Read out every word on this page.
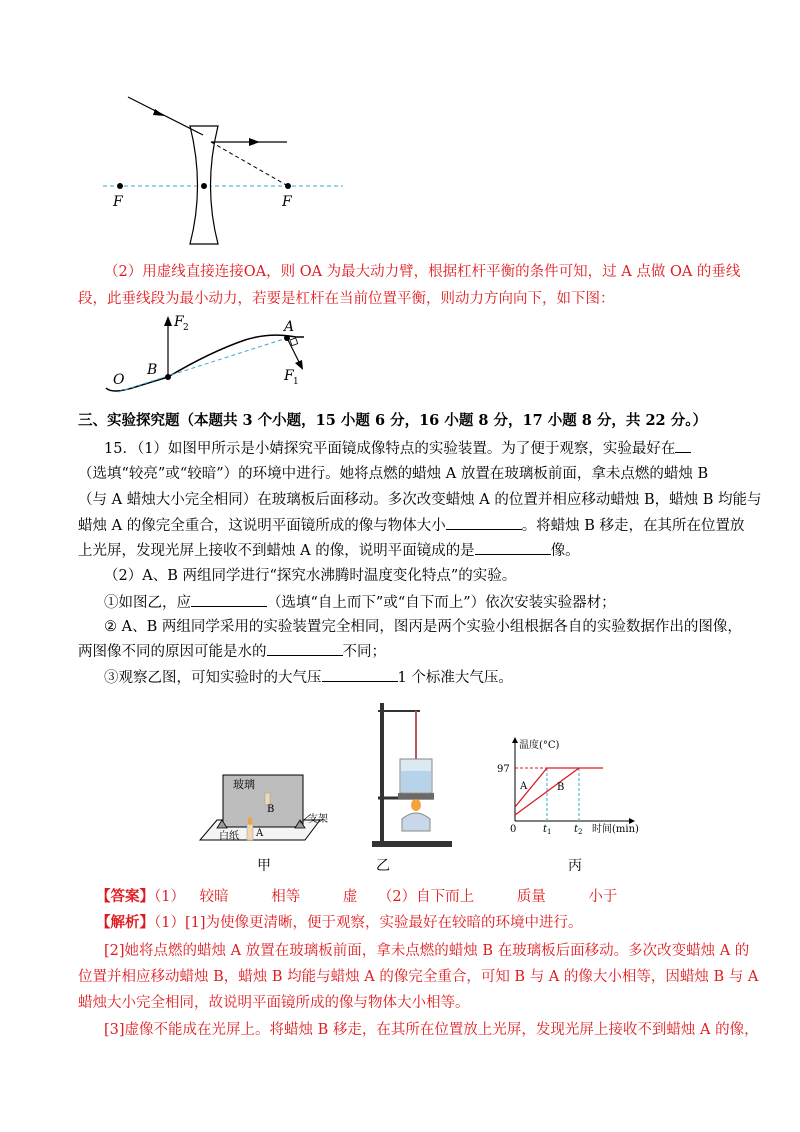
F	F
（2）用虚线直接连接OA，则 OA 为最大动力臂，根据杠杆平衡的条件可知，过 A 点做 OA 的垂线
段，此垂线段为最小动力，若要是杠杆在当前位置平衡，则动力方向向下，如下图：
F 2	A
B
O	F 1
三、实验探究题（本题共 3 个小题，15 小题 6 分，16 小题 8 分，17 小题 8 分，共 22 分。）
15．（1）如图甲所示是小婧探究平面镜成像特点的实验装置。为了便于观察，实验最好在
（选填“较亮”或“较暗”）的环境中进行。她将点燃的蜡烛 A 放置在玻璃板前面，拿未点燃的蜡烛 B
（与 A 蜡烛大小完全相同）在玻璃板后面移动。多次改变蜡烛 A 的位置并相应移动蜡烛 B，蜡烛 B 均能与
蜡烛 A 的像完全重合，这说明平面镜所成的像与物体大小	。将蜡烛 B 移走，在其所在位置放
上光屏，发现光屏上接收不到蜡烛 A 的像，说明平面镜成的是	像。
（2）A、B 两组同学进行“探究水沸腾时温度变化特点”的实验。
①如图乙，应	（选填“自上而下”或“自下而上”）依次安装实验器材；
② A、B 两组同学采用的实验装置完全相同，图丙是两个实验小组根据各自的实验数据作出的图像，
两图像不同的原因可能是水的	不同；
③观察乙图，可知实验时的大气压	1 个标准大气压。
玻璃
B
A
白纸
支架
甲	乙
温度(°C)
97
A	B
0	t 1 t 2 时间(min)
丙
【答案】（1） 较暗	相等	虚 （2）自下而上	质量	小于
【解析】（1）[1]为使像更清晰，便于观察，实验最好在较暗的环境中进行。
[2]她将点燃的蜡烛 A 放置在玻璃板前面，拿未点燃的蜡烛 B 在玻璃板后面移动。多次改变蜡烛 A 的
位置并相应移动蜡烛 B，蜡烛 B 均能与蜡烛 A 的像完全重合，可知 B 与 A 的像大小相等，因蜡烛 B 与 A
蜡烛大小完全相同，故说明平面镜所成的像与物体大小相等。
[3]虚像不能成在光屏上。将蜡烛 B 移走，在其所在位置放上光屏，发现光屏上接收不到蜡烛 A 的像，
